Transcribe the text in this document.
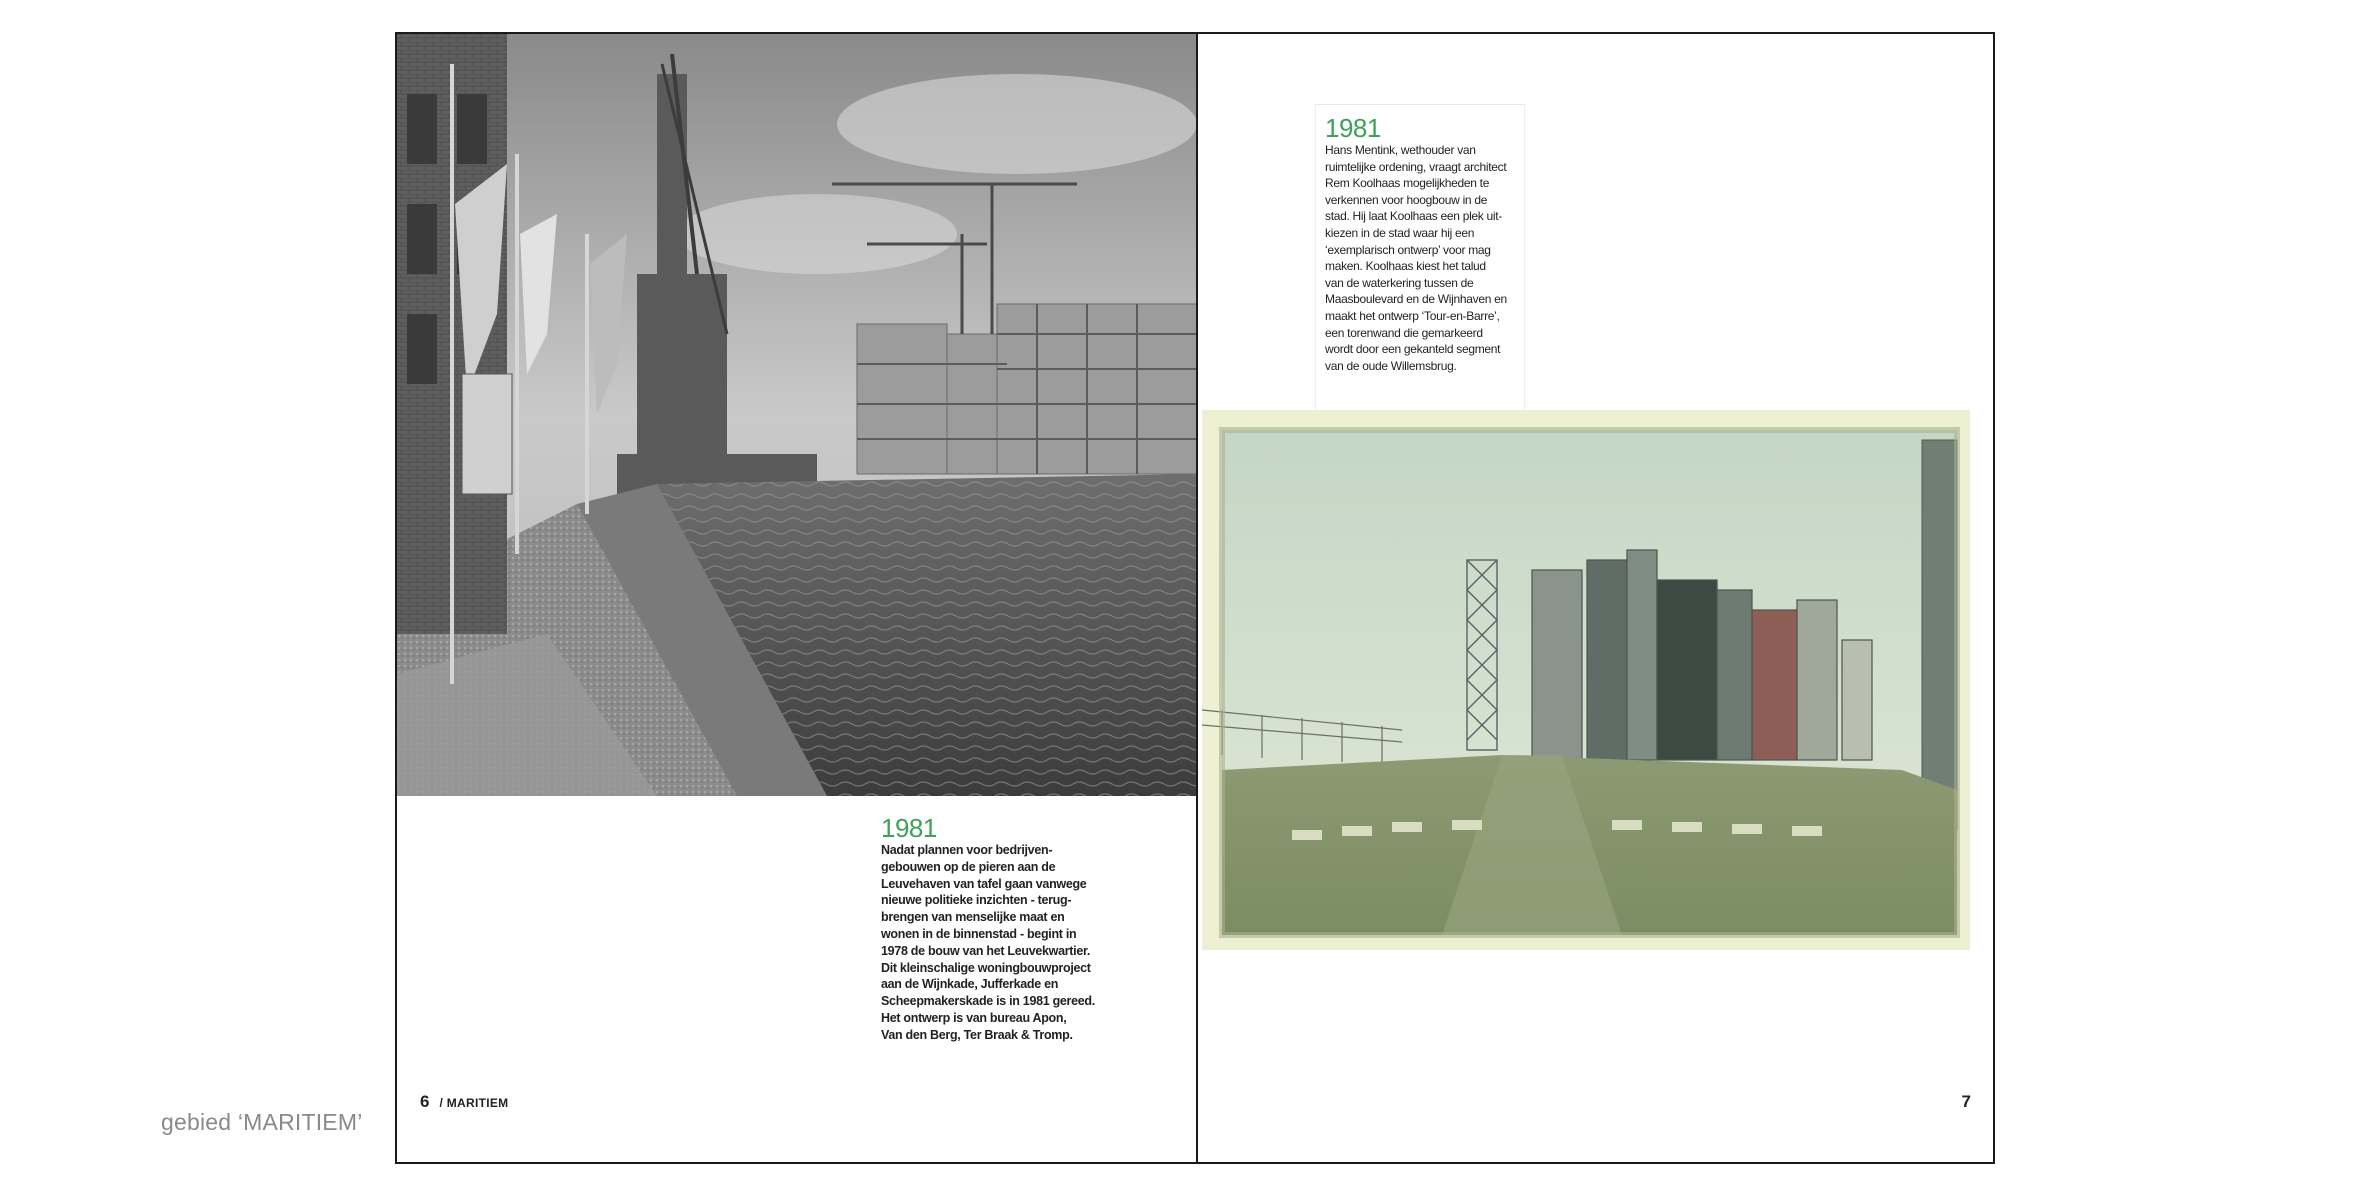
gebied ‘MARITIEM’
1981
Nadat plannen voor bedrijven-
gebouwen op de pieren aan de
Leuvehaven van tafel gaan vanwege
nieuwe politieke inzichten - terug-
brengen van menselijke maat en
wonen in de binnenstad - begint in
1978 de bouw van het Leuvekwartier.
Dit kleinschalige woningbouwproject
aan de Wijnkade, Jufferkade en
Scheepmakerskade is in 1981 gereed.
Het ontwerp is van bureau Apon,
Van den Berg, Ter Braak & Tromp.
6 / MARITIEM
1981
Hans Mentink, wethouder van
ruimtelijke ordening, vraagt architect
Rem Koolhaas mogelijkheden te
verkennen voor hoogbouw in de
stad. Hij laat Koolhaas een plek uit-
kiezen in de stad waar hij een
‘exemplarisch ontwerp’ voor mag
maken. Koolhaas kiest het talud
van de waterkering tussen de
Maasboulevard en de Wijnhaven en
maakt het ontwerp ‘Tour-en-Barre’,
een torenwand die gemarkeerd
wordt door een gekanteld segment
van de oude Willemsbrug.
7
